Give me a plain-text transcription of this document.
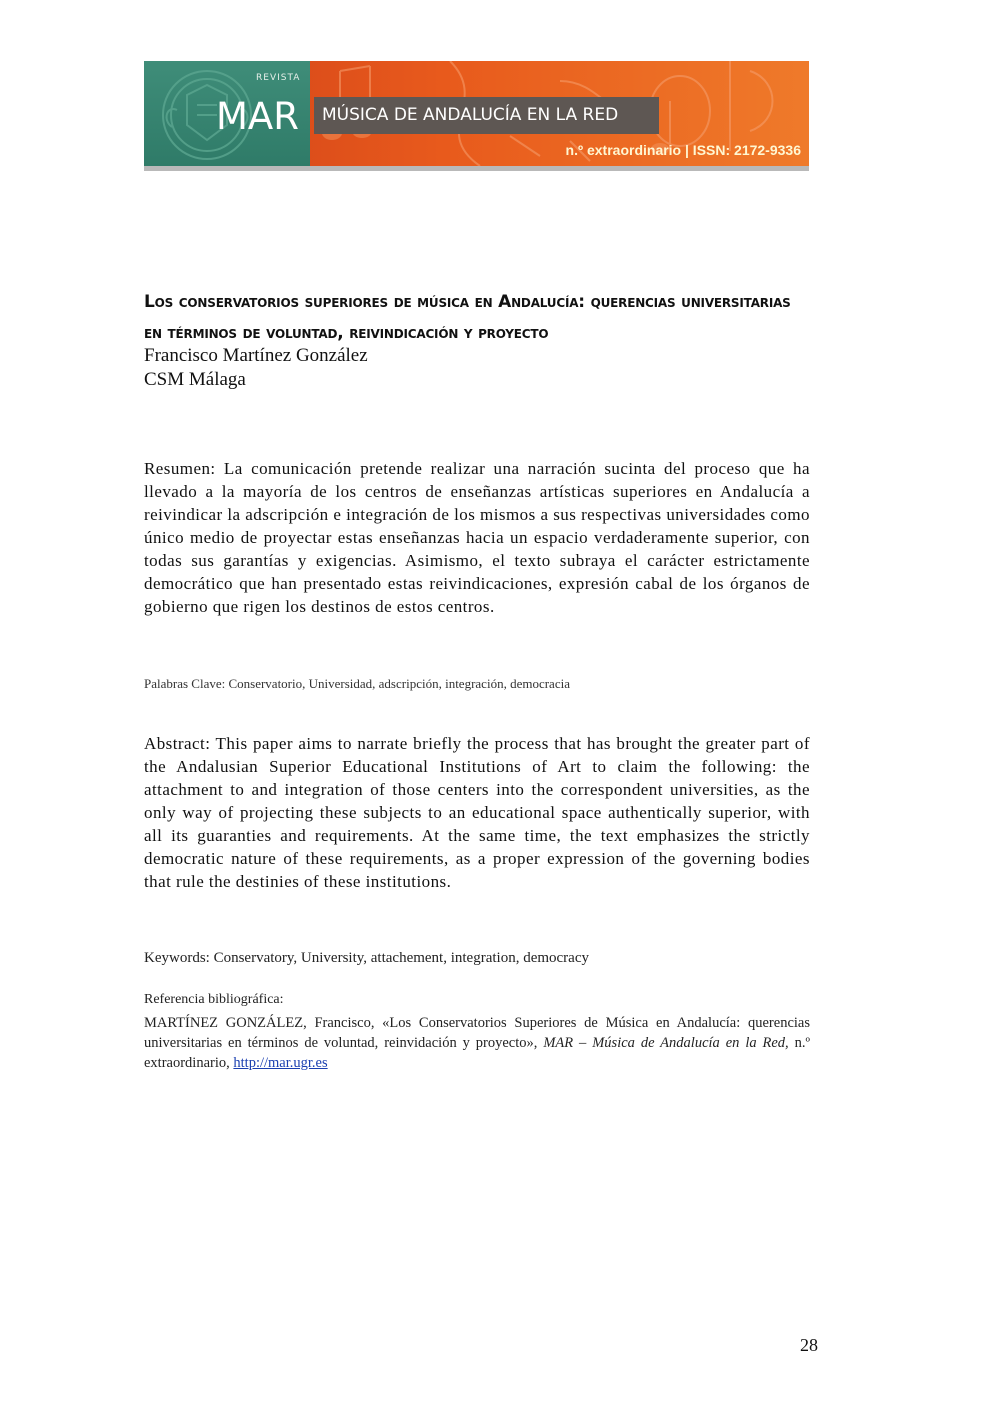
REVISTA
MAR MÚSICA DE ANDALUCÍA EN LA RED
n.º extraordinario | ISSN: 2172-9336
Los conservatorios superiores de música en Andalucía: querencias universitarias en términos de voluntad, reivindicación y proyecto
Francisco Martínez González
CSM Málaga

Resumen: La comunicación pretende realizar una narración sucinta del proceso que ha llevado a la mayoría de los centros de enseñanzas artísticas superiores en Andalucía a reivindicar la adscripción e integración de los mismos a sus respectivas universidades como único medio de proyectar estas enseñanzas hacia un espacio verdaderamente superior, con todas sus garantías y exigencias. Asimismo, el texto subraya el carácter estrictamente democrático que han presentado estas reivindicaciones, expresión cabal de los órganos de gobierno que rigen los destinos de estos centros.

Palabras Clave: Conservatorio, Universidad, adscripción, integración, democracia

Abstract: This paper aims to narrate briefly the process that has brought the greater part of the Andalusian Superior Educational Institutions of Art to claim the following: the attachment to and integration of those centers into the correspondent universities, as the only way of projecting these subjects to an educational space authentically superior, with all its guaranties and requirements. At the same time, the text emphasizes the strictly democratic nature of these requirements, as a proper expression of the governing bodies that rule the destinies of these institutions.

Keywords: Conservatory, University, attachement, integration, democracy
Referencia bibliográfica:

MARTÍNEZ GONZÁLEZ, Francisco, «Los Conservatorios Superiores de Música en Andalucía: querencias universitarias en términos de voluntad, reinvidación y proyecto», MAR – Música de Andalucía en la Red, n.º extraordinario, http://mar.ugr.es

28
